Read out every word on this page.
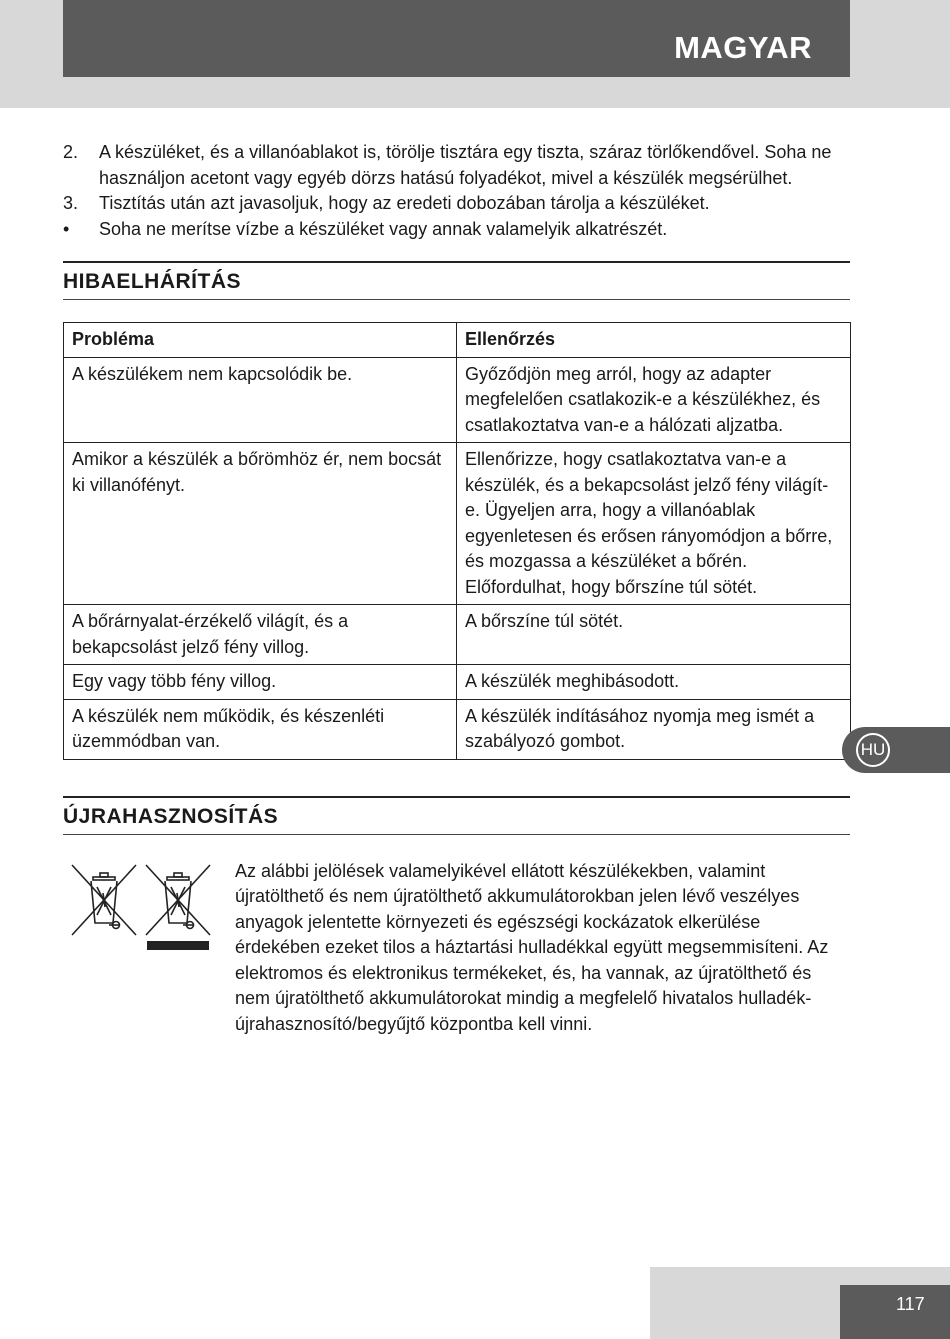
MAGYAR
2.	A készüléket, és a villanóablakot is, törölje tisztára egy tiszta, száraz törlőkendővel. Soha ne használjon acetont vagy egyéb dörzs hatású folyadékot, mivel a készülék megsérülhet.
3.	Tisztítás után azt javasoljuk, hogy az eredeti dobozában tárolja a készüléket.
•	Soha ne merítse vízbe a készüléket vagy annak valamelyik alkatrészét.
HIBAELHÁRÍTÁS
Probléma	Ellenőrzés
A készülékem nem kapcsolódik be.	Győződjön meg arról, hogy az adapter megfelelően csatlakozik-e a készülékhez, és csatlakoztatva van-e a hálózati aljzatba.
Amikor a készülék a bőrömhöz ér, nem bocsát ki villanófényt.	Ellenőrizze, hogy csatlakoztatva van-e a készülék, és a bekapcsolást jelző fény világít-e. Ügyeljen arra, hogy a villanóablak egyenletesen és erősen rányomódjon a bőrre, és mozgassa a készüléket a bőrén. Előfordulhat, hogy bőrszíne túl sötét.
A bőrárnyalat-érzékelő világít, és a bekapcsolást jelző fény villog.	A bőrszíne túl sötét.
Egy vagy több fény villog.	A készülék meghibásodott.
A készülék nem működik, és készenléti üzemmódban van.	A készülék indításához nyomja meg ismét a szabályozó gombot.
ÚJRAHASZNOSÍTÁS
Az alábbi jelölések valamelyikével ellátott készülékekben, valamint újratölthető és nem újratölthető akkumulátorokban jelen lévő veszélyes anyagok jelentette környezeti és egészségi kockázatok elkerülése érdekében ezeket tilos a háztartási hulladékkal együtt megsemmisíteni. Az elektromos és elektronikus termékeket, és, ha vannak, az újratölthető és nem újratölthető akkumulátorokat mindig a megfelelő hivatalos hulladék-újrahasznosító/begyűjtő központba kell vinni.
HU
117
